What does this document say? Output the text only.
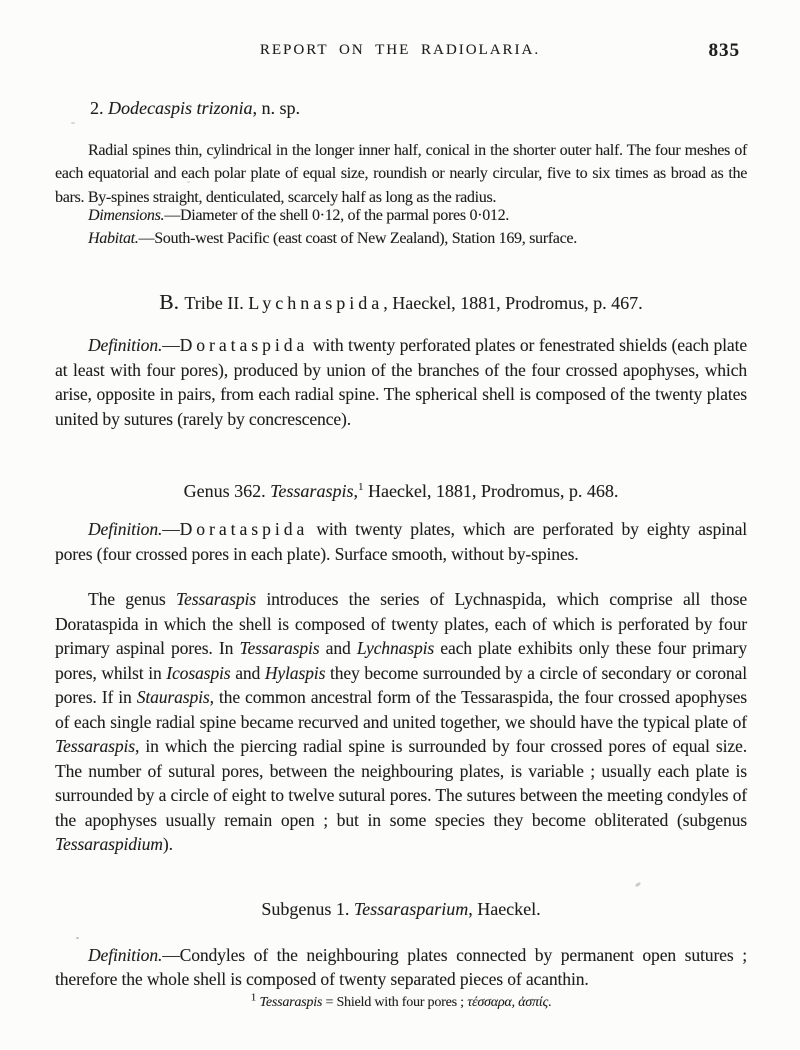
REPORT ON THE RADIOLARIA.	835
2. Dodecaspis trizonia, n. sp.
Radial spines thin, cylindrical in the longer inner half, conical in the shorter outer half. The four meshes of each equatorial and each polar plate of equal size, roundish or nearly circular, five to six times as broad as the bars. By-spines straight, denticulated, scarcely half as long as the radius.
Dimensions.—Diameter of the shell 0·12, of the parmal pores 0·012.
Habitat.—South-west Pacific (east coast of New Zealand), Station 169, surface.
B. Tribe II. Lychnaspida, Haeckel, 1881, Prodromus, p. 467.
Definition.—Dorataspida with twenty perforated plates or fenestrated shields (each plate at least with four pores), produced by union of the branches of the four crossed apophyses, which arise, opposite in pairs, from each radial spine. The spherical shell is composed of the twenty plates united by sutures (rarely by concrescence).
Genus 362. Tessaraspis,$^1$ Haeckel, 1881, Prodromus, p. 468.
Definition.—Dorataspida with twenty plates, which are perforated by eighty aspinal pores (four crossed pores in each plate). Surface smooth, without by-spines.
The genus Tessaraspis introduces the series of Lychnaspida, which comprise all those Dorataspida in which the shell is composed of twenty plates, each of which is perforated by four primary aspinal pores. In Tessaraspis and Lychnaspis each plate exhibits only these four primary pores, whilst in Icosaspis and Hylaspis they become surrounded by a circle of secondary or coronal pores. If in Stauraspis, the common ancestral form of the Tessaraspida, the four crossed apophyses of each single radial spine became recurved and united together, we should have the typical plate of Tessaraspis, in which the piercing radial spine is surrounded by four crossed pores of equal size. The number of sutural pores, between the neighbouring plates, is variable ; usually each plate is surrounded by a circle of eight to twelve sutural pores. The sutures between the meeting condyles of the apophyses usually remain open ; but in some species they become obliterated (subgenus Tessaraspidium).
Subgenus 1. Tessarasparium, Haeckel.
Definition.—Condyles of the neighbouring plates connected by permanent open sutures ; therefore the whole shell is composed of twenty separated pieces of acanthin.
$^1$ Tessaraspis = Shield with four pores ; τέσσαρα, ἀσπίς.
